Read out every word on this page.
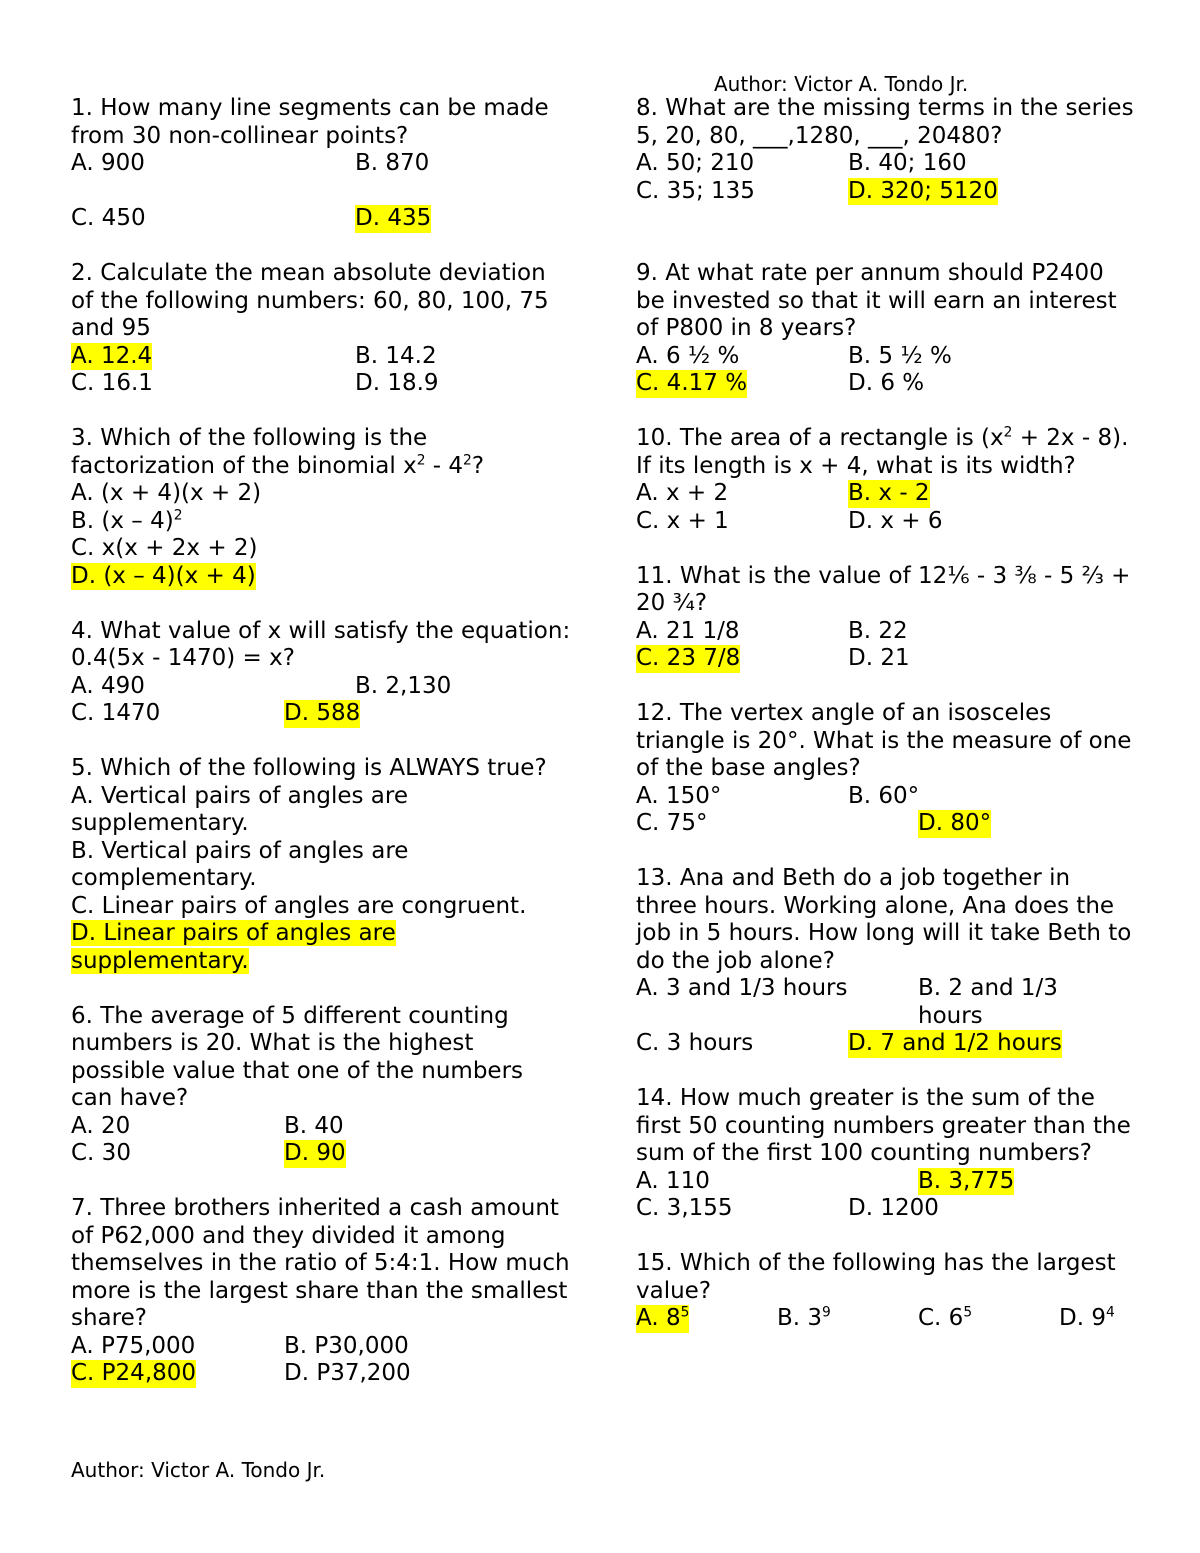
Author: Victor A. Tondo Jr.
1. How many line segments can be made from 30 non-collinear points?
A. 900	B. 870
C. 450	D. 435
2. Calculate the mean absolute deviation of the following numbers: 60, 80, 100, 75 and 95
A. 12.4	B. 14.2
C. 16.1	D. 18.9
3. Which of the following is the factorization of the binomial $x^2 - 4^2$?
A. (x + 4)(x + 2)
B. (x – 4)$^2$
C. x(x + 2x + 2)
D. (x – 4)(x + 4)
4. What value of x will satisfy the equation: 0.4(5x - 1470) = x?
A. 490	B. 2,130
C. 1470	D. 588
5. Which of the following is ALWAYS true?
A. Vertical pairs of angles are supplementary.
B. Vertical pairs of angles are complementary.
C. Linear pairs of angles are congruent.
D. Linear pairs of angles are supplementary.
6. The average of 5 different counting numbers is 20. What is the highest possible value that one of the numbers can have?
A. 20	B. 40
C. 30	D. 90
7. Three brothers inherited a cash amount of P62,000 and they divided it among themselves in the ratio of 5:4:1. How much more is the largest share than the smallest share?
A. P75,000	B. P30,000
C. P24,800	D. P37,200
8. What are the missing terms in the series
5, 20, 80, ___,1280, ___, 20480?
A. 50; 210	B. 40; 160
C. 35; 135	D. 320; 5120
9. At what rate per annum should P2400 be invested so that it will earn an interest of P800 in 8 years?
A. 6 ½ %	B. 5 ½ %
C. 4.17 %	D. 6 %
10. The area of a rectangle is $(x^2 + 2x - 8)$. If its length is x + 4, what is its width?
A. x + 2	B. x - 2
C. x + 1	D. x + 6
11. What is the value of 12⅙ - 3 ⅜ - 5 ⅔ + 20 ¾?
A. 21 1/8	B. 22
C. 23 7/8	D. 21
12. The vertex angle of an isosceles triangle is 20°. What is the measure of one of the base angles?
A. 150°	B. 60°
C. 75°	D. 80°
13. Ana and Beth do a job together in three hours. Working alone, Ana does the job in 5 hours. How long will it take Beth to do the job alone?
A. 3 and 1/3 hours	B. 2 and 1/3 hours
C. 3 hours	D. 7 and 1/2 hours
14. How much greater is the sum of the first 50 counting numbers greater than the sum of the first 100 counting numbers?
A. 110	B. 3,775
C. 3,155	D. 1200
15. Which of the following has the largest value?
A. $8^5$	B. $3^9$	C. $6^5$	D. $9^4$
Author: Victor A. Tondo Jr.
